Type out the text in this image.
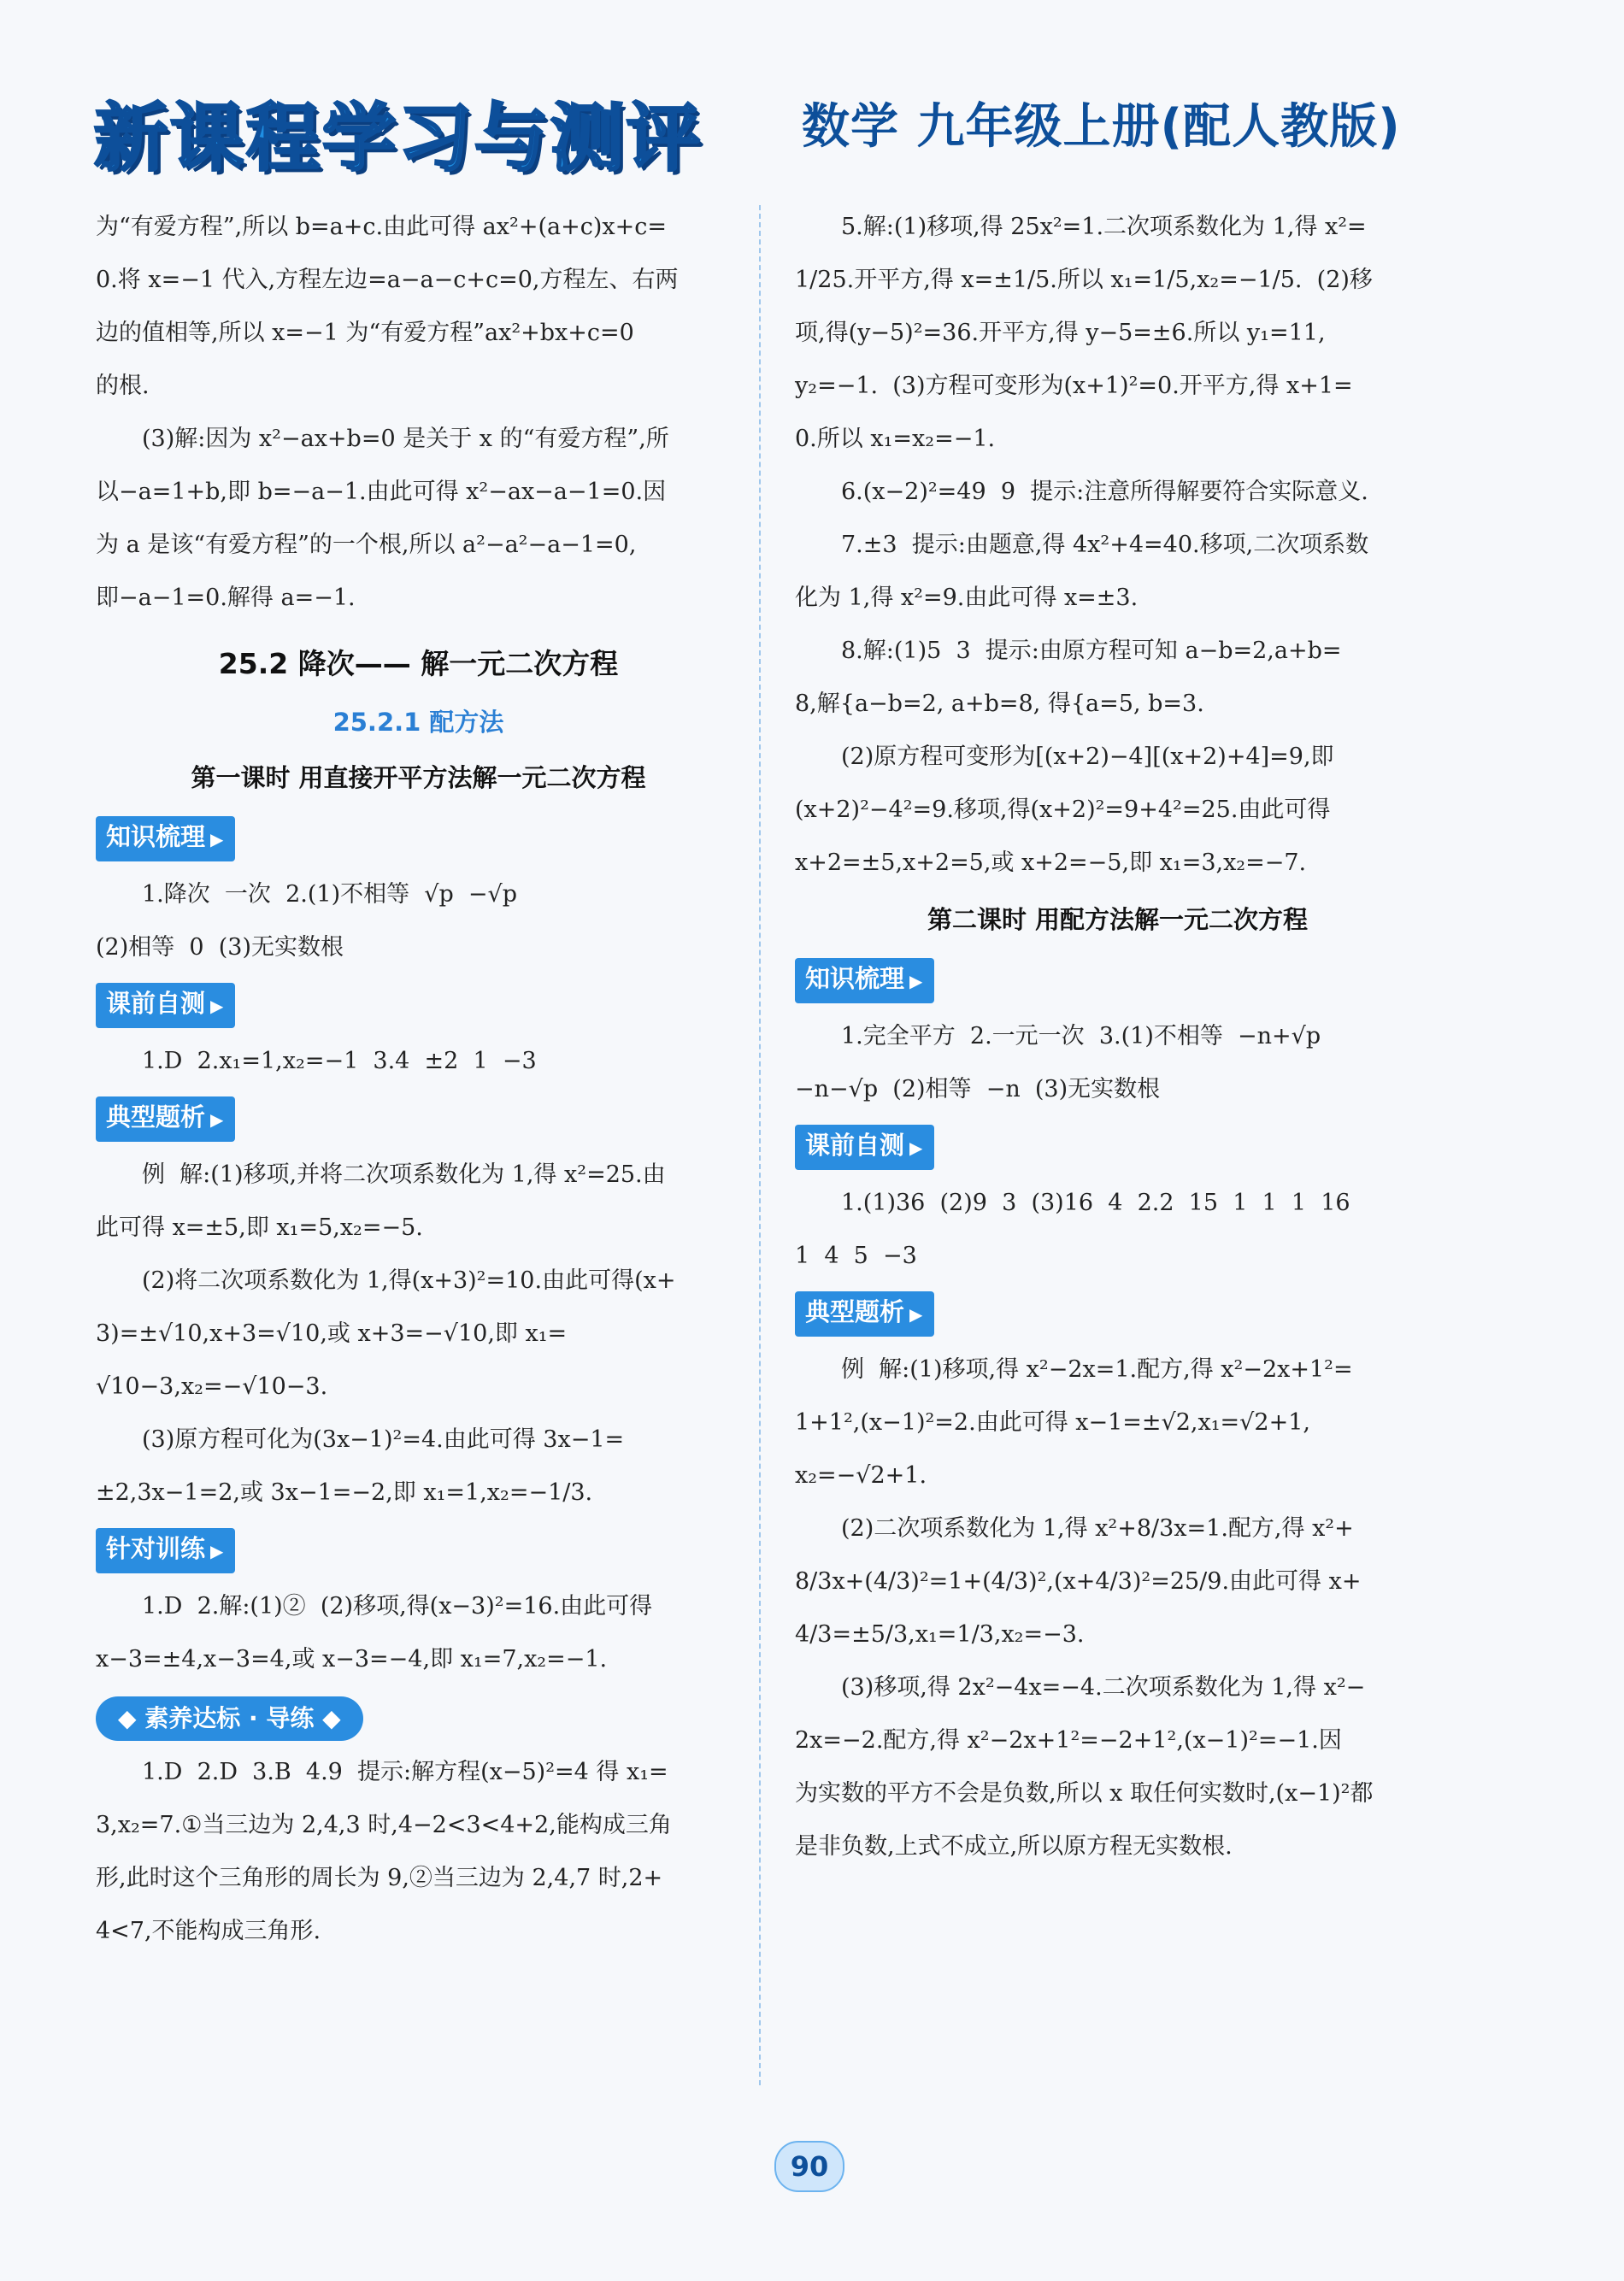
新课程学习与测评 数学 九年级上册(配人教版)
为“有爱方程”,所以 b=a+c.由此可得 ax²+(a+c)x+c=
0.将 x=−1 代入,方程左边=a−a−c+c=0,方程左、右两
边的值相等,所以 x=−1 为“有爱方程”ax²+bx+c=0
的根.
(3)解:因为 x²−ax+b=0 是关于 x 的“有爱方程”,所
以−a=1+b,即 b=−a−1.由此可得 x²−ax−a−1=0.因
为 a 是该“有爱方程”的一个根,所以 a²−a²−a−1=0,
即−a−1=0.解得 a=−1.
25.2 降次—— 解一元二次方程
25.2.1 配方法
第一课时 用直接开平方法解一元二次方程
知识梳理 ▶
1.降次  一次  2.(1)不相等  √p  −√p
(2)相等  0  (3)无实数根
课前自测 ▶
1.D  2.x₁=1,x₂=−1  3.4  ±2  1  −3
典型题析 ▶
例  解:(1)移项,并将二次项系数化为 1,得 x²=25.由
此可得 x=±5,即 x₁=5,x₂=−5.
(2)将二次项系数化为 1,得(x+3)²=10.由此可得(x+
3)=±√10,x+3=√10,或 x+3=−√10,即 x₁=
√10−3,x₂=−√10−3.
(3)原方程可化为(3x−1)²=4.由此可得 3x−1=
±2,3x−1=2,或 3x−1=−2,即 x₁=1,x₂=−1/3.
针对训练 ▶
1.D  2.解:(1)②  (2)移项,得(x−3)²=16.由此可得
x−3=±4,x−3=4,或 x−3=−4,即 x₁=7,x₂=−1.
◆ 素养达标 · 导练 ◆
1.D  2.D  3.B  4.9  提示:解方程(x−5)²=4 得 x₁=
3,x₂=7.①当三边为 2,4,3 时,4−2<3<4+2,能构成三角
形,此时这个三角形的周长为 9,②当三边为 2,4,7 时,2+
4<7,不能构成三角形.
5.解:(1)移项,得 25x²=1.二次项系数化为 1,得 x²=
1/25.开平方,得 x=±1/5.所以 x₁=1/5,x₂=−1/5.  (2)移
项,得(y−5)²=36.开平方,得 y−5=±6.所以 y₁=11,
y₂=−1.  (3)方程可变形为(x+1)²=0.开平方,得 x+1=
0.所以 x₁=x₂=−1.
6.(x−2)²=49  9  提示:注意所得解要符合实际意义.
7.±3  提示:由题意,得 4x²+4=40.移项,二次项系数
化为 1,得 x²=9.由此可得 x=±3.
8.解:(1)5  3  提示:由原方程可知 a−b=2,a+b=
8,解{a−b=2, a+b=8, 得{a=5, b=3.
(2)原方程可变形为[(x+2)−4][(x+2)+4]=9,即
(x+2)²−4²=9.移项,得(x+2)²=9+4²=25.由此可得
x+2=±5,x+2=5,或 x+2=−5,即 x₁=3,x₂=−7.
第二课时 用配方法解一元二次方程
知识梳理 ▶
1.完全平方  2.一元一次  3.(1)不相等  −n+√p
−n−√p  (2)相等  −n  (3)无实数根
课前自测 ▶
1.(1)36  (2)9  3  (3)16  4  2.2  15  1  1  1  16
1  4  5  −3
典型题析 ▶
例  解:(1)移项,得 x²−2x=1.配方,得 x²−2x+1²=
1+1²,(x−1)²=2.由此可得 x−1=±√2,x₁=√2+1,
x₂=−√2+1.
(2)二次项系数化为 1,得 x²+8/3x=1.配方,得 x²+
8/3x+(4/3)²=1+(4/3)²,(x+4/3)²=25/9.由此可得 x+
4/3=±5/3,x₁=1/3,x₂=−3.
(3)移项,得 2x²−4x=−4.二次项系数化为 1,得 x²−
2x=−2.配方,得 x²−2x+1²=−2+1²,(x−1)²=−1.因
为实数的平方不会是负数,所以 x 取任何实数时,(x−1)²都
是非负数,上式不成立,所以原方程无实数根.
90
